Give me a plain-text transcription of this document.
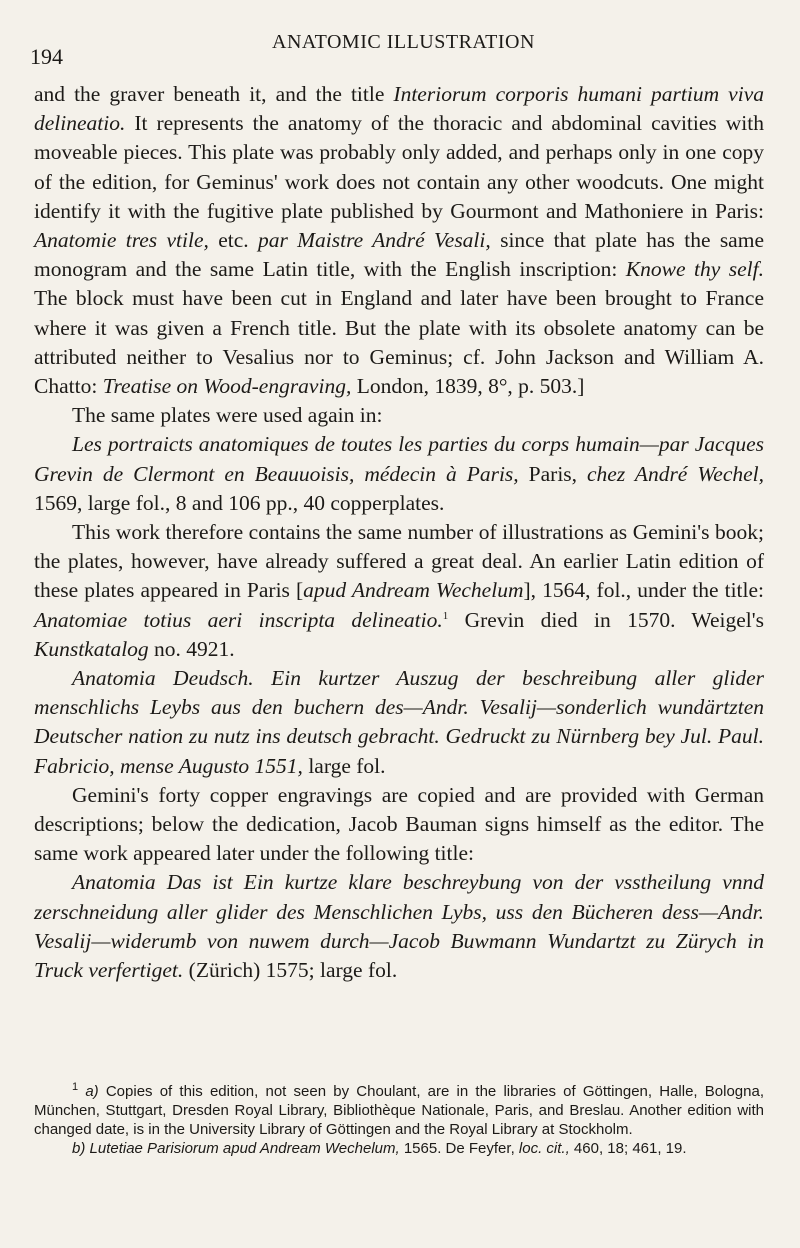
194
ANATOMIC ILLUSTRATION

and the graver beneath it, and the title Interiorum corporis humani partium viva delineatio. It represents the anatomy of the thoracic and abdominal cavities with moveable pieces. This plate was probably only added, and perhaps only in one copy of the edition, for Geminus' work does not contain any other woodcuts. One might identify it with the fugitive plate published by Gourmont and Mathoniere in Paris: Anatomie tres vtile, etc. par Maistre André Vesali, since that plate has the same monogram and the same Latin title, with the English inscription: Knowe thy self. The block must have been cut in England and later have been brought to France where it was given a French title. But the plate with its obsolete anatomy can be attributed neither to Vesalius nor to Geminus; cf. John Jackson and William A. Chatto: Treatise on Wood-engraving, London, 1839, 8°, p. 503.]

The same plates were used again in:

Les portraicts anatomiques de toutes les parties du corps humain—par Jacques Grevin de Clermont en Beauuoisis, médecin à Paris, Paris, chez André Wechel, 1569, large fol., 8 and 106 pp., 40 copperplates.

This work therefore contains the same number of illustrations as Gemini's book; the plates, however, have already suffered a great deal. An earlier Latin edition of these plates appeared in Paris [apud Andream Wechelum], 1564, fol., under the title: Anatomiae totius aeri inscripta delineatio.$^1$ Grevin died in 1570. Weigel's Kunstkatalog no. 4921.

Anatomia Deudsch. Ein kurtzer Auszug der beschreibung aller glider menschlichs Leybs aus den buchern des—Andr. Vesalij—sonderlich wundärtzten Deutscher nation zu nutz ins deutsch gebracht. Gedruckt zu Nürnberg bey Jul. Paul. Fabricio, mense Augusto 1551, large fol.

Gemini's forty copper engravings are copied and are provided with German descriptions; below the dedication, Jacob Bauman signs himself as the editor. The same work appeared later under the following title:

Anatomia Das ist Ein kurtze klare beschreybung von der vsstheilung vnnd zerschneidung aller glider des Menschlichen Lybs, uss den Bücheren dess—Andr. Vesalij—widerumb von nuwem durch—Jacob Buwmann Wundartzt zu Zürych in Truck verfertiget. (Zürich) 1575; large fol.

$^1$ a) Copies of this edition, not seen by Choulant, are in the libraries of Göttingen, Halle, Bologna, München, Stuttgart, Dresden Royal Library, Bibliothèque Nationale, Paris, and Breslau. Another edition with changed date, is in the University Library of Göttingen and the Royal Library at Stockholm.

b) Lutetiae Parisiorum apud Andream Wechelum, 1565. De Feyfer, loc. cit., 460, 18; 461, 19.
